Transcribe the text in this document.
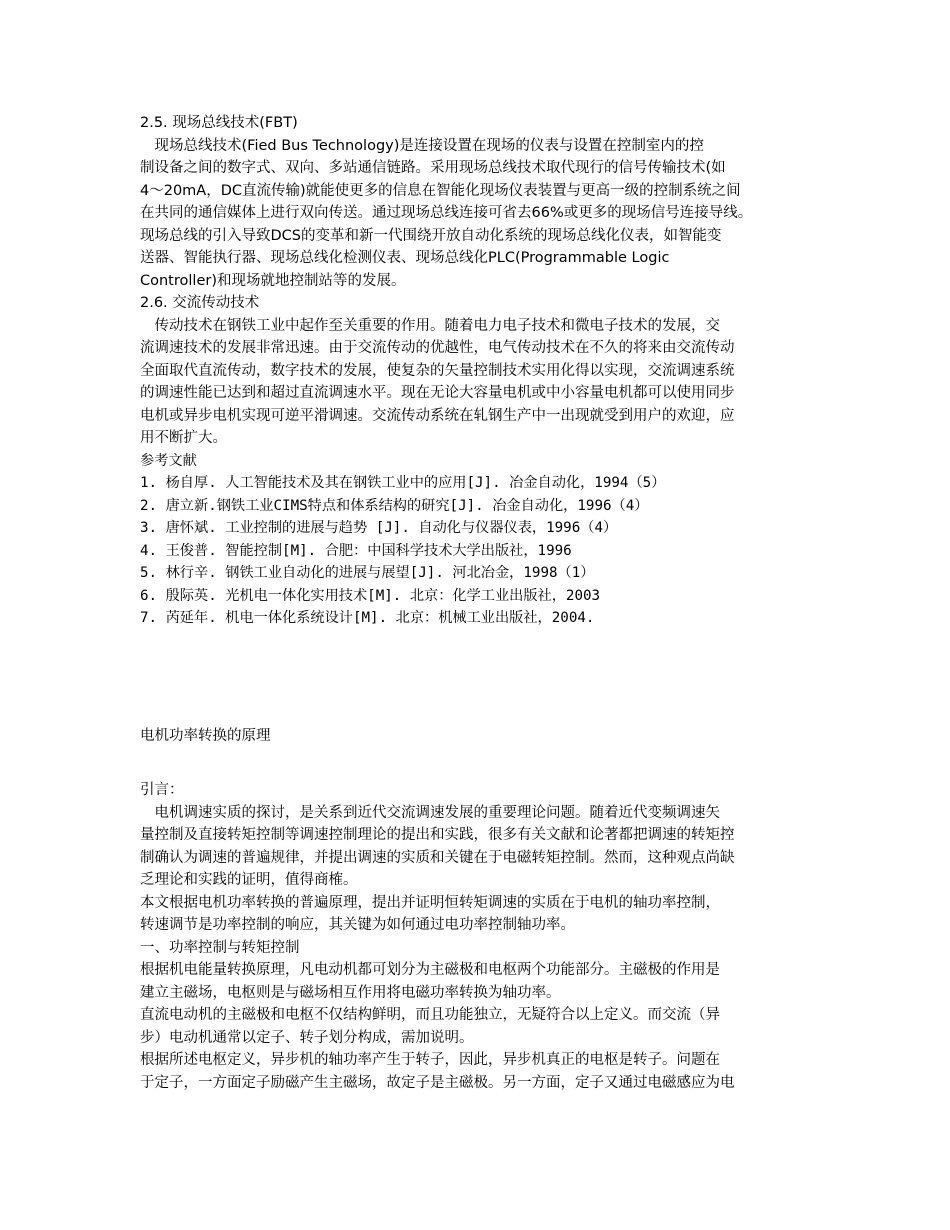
2.5. 现场总线技术(FBT)
　现场总线技术(Fied Bus Technology)是连接设置在现场的仪表与设置在控制室内的控
制设备之间的数字式、双向、多站通信链路。采用现场总线技术取代现行的信号传输技术(如
4～20mA，DC直流传输)就能使更多的信息在智能化现场仪表装置与更高一级的控制系统之间
在共同的通信媒体上进行双向传送。通过现场总线连接可省去66%或更多的现场信号连接导线。
现场总线的引入导致DCS的变革和新一代围绕开放自动化系统的现场总线化仪表，如智能变
送器、智能执行器、现场总线化检测仪表、现场总线化PLC(Programmable Logic
Controller)和现场就地控制站等的发展。
2.6. 交流传动技术
　传动技术在钢铁工业中起作至关重要的作用。随着电力电子技术和微电子技术的发展，交
流调速技术的发展非常迅速。由于交流传动的优越性，电气传动技术在不久的将来由交流传动
全面取代直流传动，数字技术的发展，使复杂的矢量控制技术实用化得以实现，交流调速系统
的调速性能已达到和超过直流调速水平。现在无论大容量电机或中小容量电机都可以使用同步
电机或异步电机实现可逆平滑调速。交流传动系统在轧钢生产中一出现就受到用户的欢迎，应
用不断扩大。
参考文献
1. 杨自厚. 人工智能技术及其在钢铁工业中的应用[J]. 冶金自动化，1994（5）
2. 唐立新.钢铁工业CIMS特点和体系结构的研究[J]. 冶金自动化，1996（4）
3. 唐怀斌. 工业控制的进展与趋势 [J]. 自动化与仪器仪表，1996（4）
4. 王俊普. 智能控制[M]. 合肥：中国科学技术大学出版社，1996
5. 林行辛. 钢铁工业自动化的进展与展望[J]. 河北冶金，1998（1）
6. 殷际英. 光机电一体化实用技术[M]. 北京：化学工业出版社，2003
7. 芮延年. 机电一体化系统设计[M]. 北京：机械工业出版社，2004.
电机功率转换的原理
引言：
　电机调速实质的探讨，是关系到近代交流调速发展的重要理论问题。随着近代变频调速矢
量控制及直接转矩控制等调速控制理论的提出和实践，很多有关文献和论著都把调速的转矩控
制确认为调速的普遍规律，并提出调速的实质和关键在于电磁转矩控制。然而，这种观点尚缺
乏理论和实践的证明，值得商榷。
本文根据电机功率转换的普遍原理，提出并证明恒转矩调速的实质在于电机的轴功率控制，
转速调节是功率控制的响应，其关键为如何通过电功率控制轴功率。
一、功率控制与转矩控制
根据机电能量转换原理，凡电动机都可划分为主磁极和电枢两个功能部分。主磁极的作用是
建立主磁场，电枢则是与磁场相互作用将电磁功率转换为轴功率。
直流电动机的主磁极和电枢不仅结构鲜明，而且功能独立，无疑符合以上定义。而交流（异
步）电动机通常以定子、转子划分构成，需加说明。
根据所述电枢定义，异步机的轴功率产生于转子，因此，异步机真正的电枢是转子。问题在
于定子，一方面定子励磁产生主磁场，故定子是主磁极。另一方面，定子又通过电磁感应为电
